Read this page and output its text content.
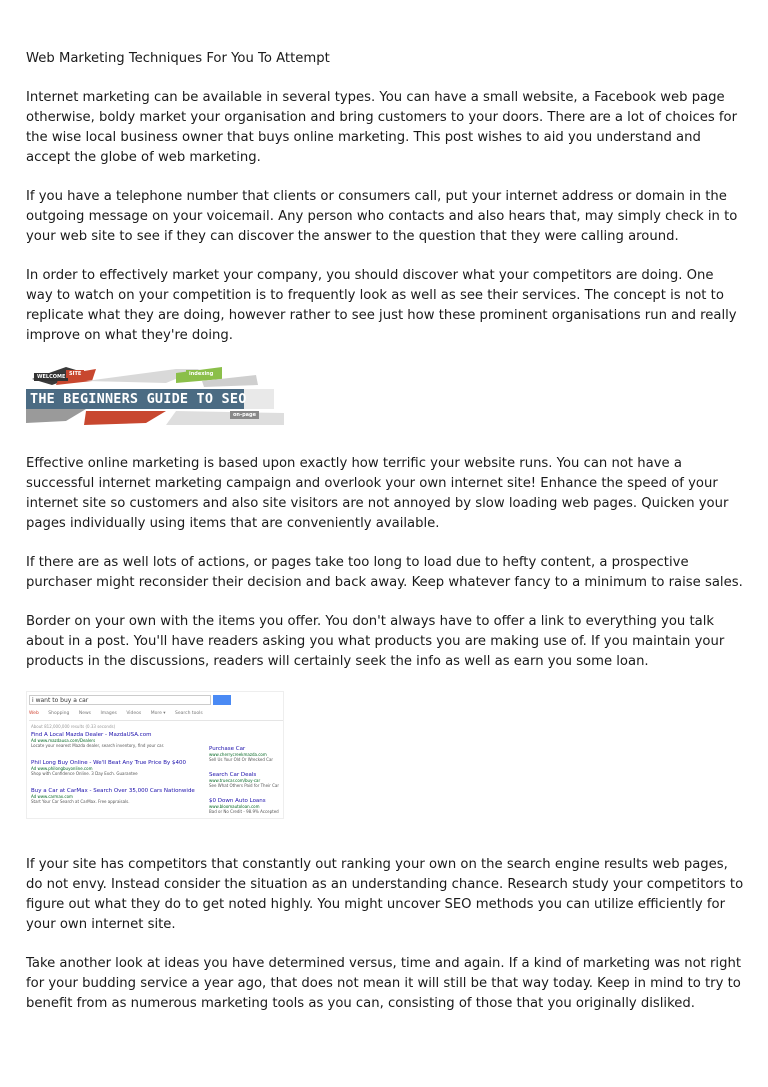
Web Marketing Techniques For You To Attempt

Internet marketing can be available in several types. You can have a small website, a Facebook web page otherwise, boldy market your organisation and bring customers to your doors. There are a lot of choices for the wise local business owner that buys online marketing. This post wishes to aid you understand and accept the globe of web marketing.

If you have a telephone number that clients or consumers call, put your internet address or domain in the outgoing message on your voicemail. Any person who contacts and also hears that, may simply check in to your web site to see if they can discover the answer to the question that they were calling around.

In order to effectively market your company, you should discover what your competitors are doing. One way to watch on your competition is to frequently look as well as see their services. The concept is not to replicate what they are doing, however rather to see just how these prominent organisations run and really improve on what they're doing.

WELCOME SITE	indexing
on-page
THE BEGINNERS GUIDE TO SEO

Effective online marketing is based upon exactly how terrific your website runs. You can not have a successful internet marketing campaign and overlook your own internet site! Enhance the speed of your internet site so customers and also site visitors are not annoyed by slow loading web pages. Quicken your pages individually using items that are conveniently available.

If there are as well lots of actions, or pages take too long to load due to hefty content, a prospective purchaser might reconsider their decision and back away. Keep whatever fancy to a minimum to raise sales.

Border on your own with the items you offer. You don't always have to offer a link to everything you talk about in a post. You'll have readers asking you what products you are making use of. If you maintain your products in the discussions, readers will certainly seek the info as well as earn you some loan.

i want to buy a car
Web Shopping News Images Videos More ▾ Search tools
About 812,000,000 results (0.33 seconds)
Find A Local Mazda Dealer - MazdaUSA.com
Ad www.mazdausa.com/Dealers
Locate your nearest Mazda dealer, search inventory, find your car.
Phil Long Buy Online - We'll Beat Any True Price By $400
Ad www.philongbuyonline.com
Shop with Confidence Online. 3 Day Exch. Guarantee
Buy a Car at CarMax - Search Over 35,000 Cars Nationwide
Ad www.carmax.com
Start Your Car Search at CarMax. Free appraisals.
Purchase Car
www.cherrycreekmazda.com
Sell Us Your Old Or Wrecked Car
Search Car Deals
www.truecar.com/buy-car
See What Others Paid for Their Car
$0 Down Auto Loans
www.bloomautoloan.com
Bad or No Credit - 98.9% Accepted

If your site has competitors that constantly out ranking your own on the search engine results web pages, do not envy. Instead consider the situation as an understanding chance. Research study your competitors to figure out what they do to get noted highly. You might uncover SEO methods you can utilize efficiently for your own internet site.

Take another look at ideas you have determined versus, time and again. If a kind of marketing was not right for your budding service a year ago, that does not mean it will still be that way today. Keep in mind to try to benefit from as numerous marketing tools as you can, consisting of those that you originally disliked.
